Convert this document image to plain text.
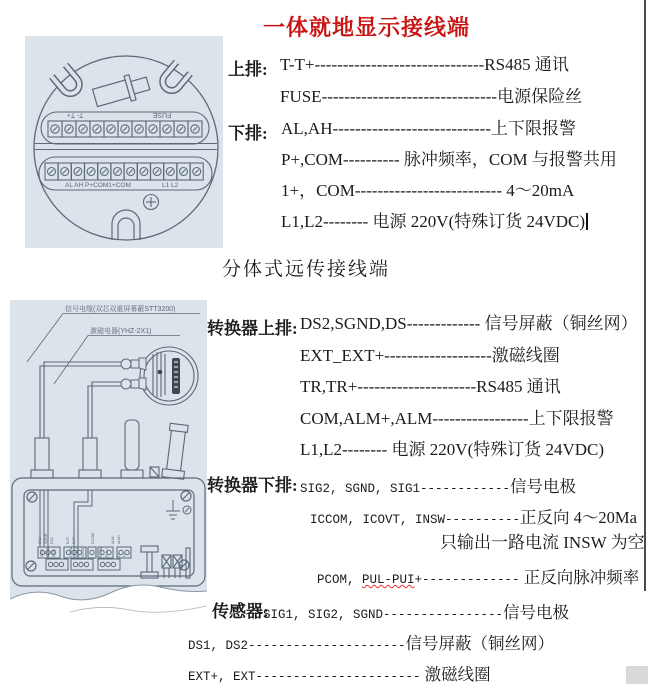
一体就地显示接线端
T- T+	FUSE
AL AH P+COM1+COM	L1 L2
上排: T-T+------------------------------RS485 通讯
FUSE-------------------------------电源保险丝
下排: AL,AH----------------------------上下限报警
P+,COM---------- 脉冲频率，COM 与报警共用
1+，COM-------------------------- 4～20mA
L1,L2-------- 电源 220V(特殊订货 24VDC)
分体式远传接线端
信号电缆(双芯双重屏幕蔽STT3200)
激磁电器(YHZ-2X1)
DS2 SGND DS1	EXT- EXT+	DCOM	ALM- ALM+
SIG2 SGND SIG1	I-COM ICOUT INSW	PCOM PUL+ L1 L2
转换器上排: DS2,SGND,DS------------- 信号屏蔽（铜丝网）
EXT_EXT+-------------------激磁线圈
TR,TR+---------------------RS485 通讯
COM,ALM+,ALM-----------------上下限报警
L1,L2-------- 电源 220V(特殊订货 24VDC)
转换器下排: SIG2, SGND, SIG1------------信号电极
ICCOM, ICOVT, INSW----------正反向 4～20Ma
只输出一路电流 INSW 为空
PCOM, PUL-PUI+------------- 正反向脉冲频率
传感器:
SIG1, SIG2, SGND----------------信号电极
DS1, DS2---------------------信号屏蔽（铜丝网）
EXT+, EXT---------------------- 激磁线圈
